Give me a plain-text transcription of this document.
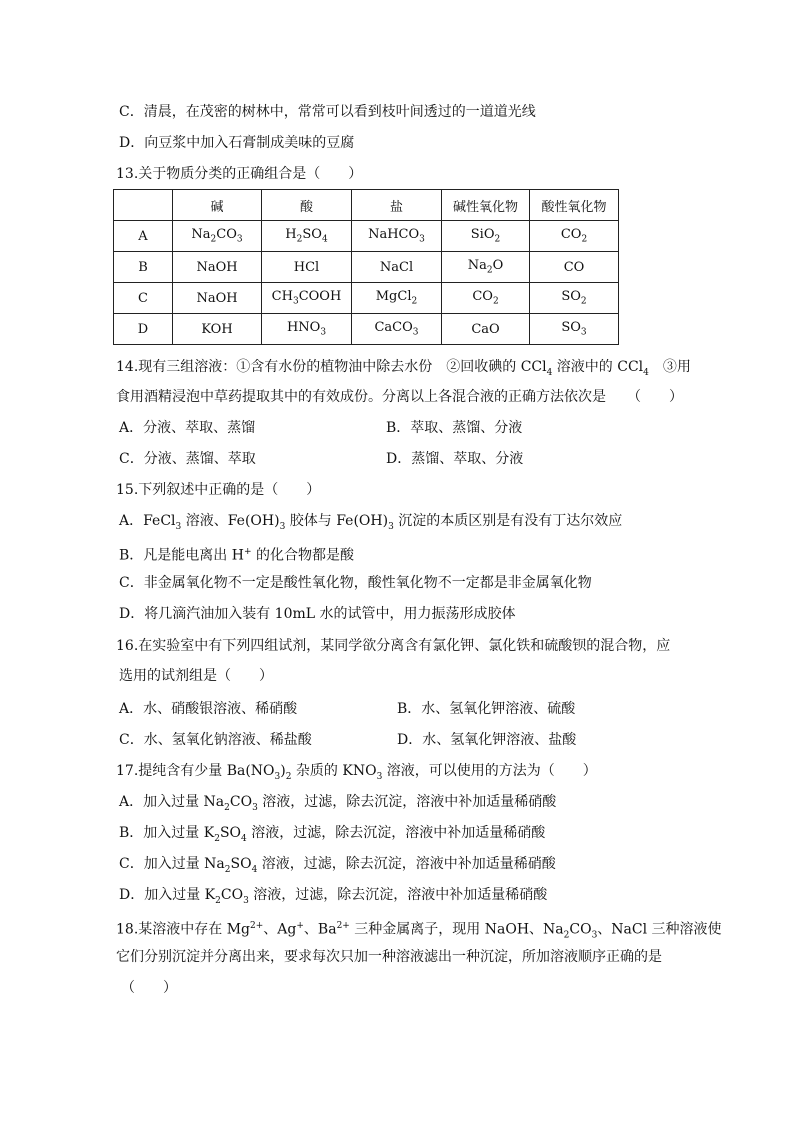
C．清晨，在茂密的树林中，常常可以看到枝叶间透过的一道道光线
D．向豆浆中加入石膏制成美味的豆腐
13.关于物质分类的正确组合是（　　）
	碱	酸	盐	碱性氧化物	酸性氧化物
A	$Na_2CO_3$	$H_2SO_4$	NaHCO$_3$	SiO$_2$	$CO_2$
B	NaOH	HCl	NaCl	$Na_2O$	CO
C	NaOH	$CH_3COOH$	MgCl$_2$	$CO_2$	$SO_2$
D	KOH	$HNO_3$	CaCO$_3$	CaO	$SO_3$
14.现有三组溶液：①含有水份的植物油中除去水份　②回收碘的 CCl$_4$ 溶液中的 CCl$_4$　③用
食用酒精浸泡中草药提取其中的有效成份。分离以上各混合液的正确方法依次是　　（　　）
A．分液、萃取、蒸馏	B．萃取、蒸馏、分液
C．分液、蒸馏、萃取	D．蒸馏、萃取、分液
15.下列叙述中正确的是（　　）
A．FeCl$_3$ 溶液、$Fe(OH)_3$ 胶体与 $Fe(OH)_3$ 沉淀的本质区别是有没有丁达尔效应
B．凡是能电离出 H+ 的化合物都是酸
C．非金属氧化物不一定是酸性氧化物，酸性氧化物不一定都是非金属氧化物
D．将几滴汽油加入装有 10mL 水的试管中，用力振荡形成胶体
16.在实验室中有下列四组试剂，某同学欲分离含有氯化钾、氯化铁和硫酸钡的混合物，应
选用的试剂组是（　　）
A．水、硝酸银溶液、稀硝酸	B．水、氢氧化钾溶液、硫酸
C．水、氢氧化钠溶液、稀盐酸	D．水、氢氧化钾溶液、盐酸
17.提纯含有少量 $Ba(NO_3)_2$ 杂质的 $KNO_3$ 溶液，可以使用的方法为（　　）
A．加入过量 $Na_2CO_3$ 溶液，过滤，除去沉淀，溶液中补加适量稀硝酸
B．加入过量 $K_2SO_4$ 溶液，过滤，除去沉淀，溶液中补加适量稀硝酸
C．加入过量 $Na_2SO_4$ 溶液，过滤，除去沉淀，溶液中补加适量稀硝酸
D．加入过量 $K_2CO_3$ 溶液，过滤，除去沉淀，溶液中补加适量稀硝酸
18.某溶液中存在 $Mg^{2+}$、Ag+、$Ba^{2+}$ 三种金属离子，现用 NaOH、$Na_2CO_3$、NaCl 三种溶液使
它们分别沉淀并分离出来，要求每次只加一种溶液滤出一种沉淀，所加溶液顺序正确的是
（　　）
